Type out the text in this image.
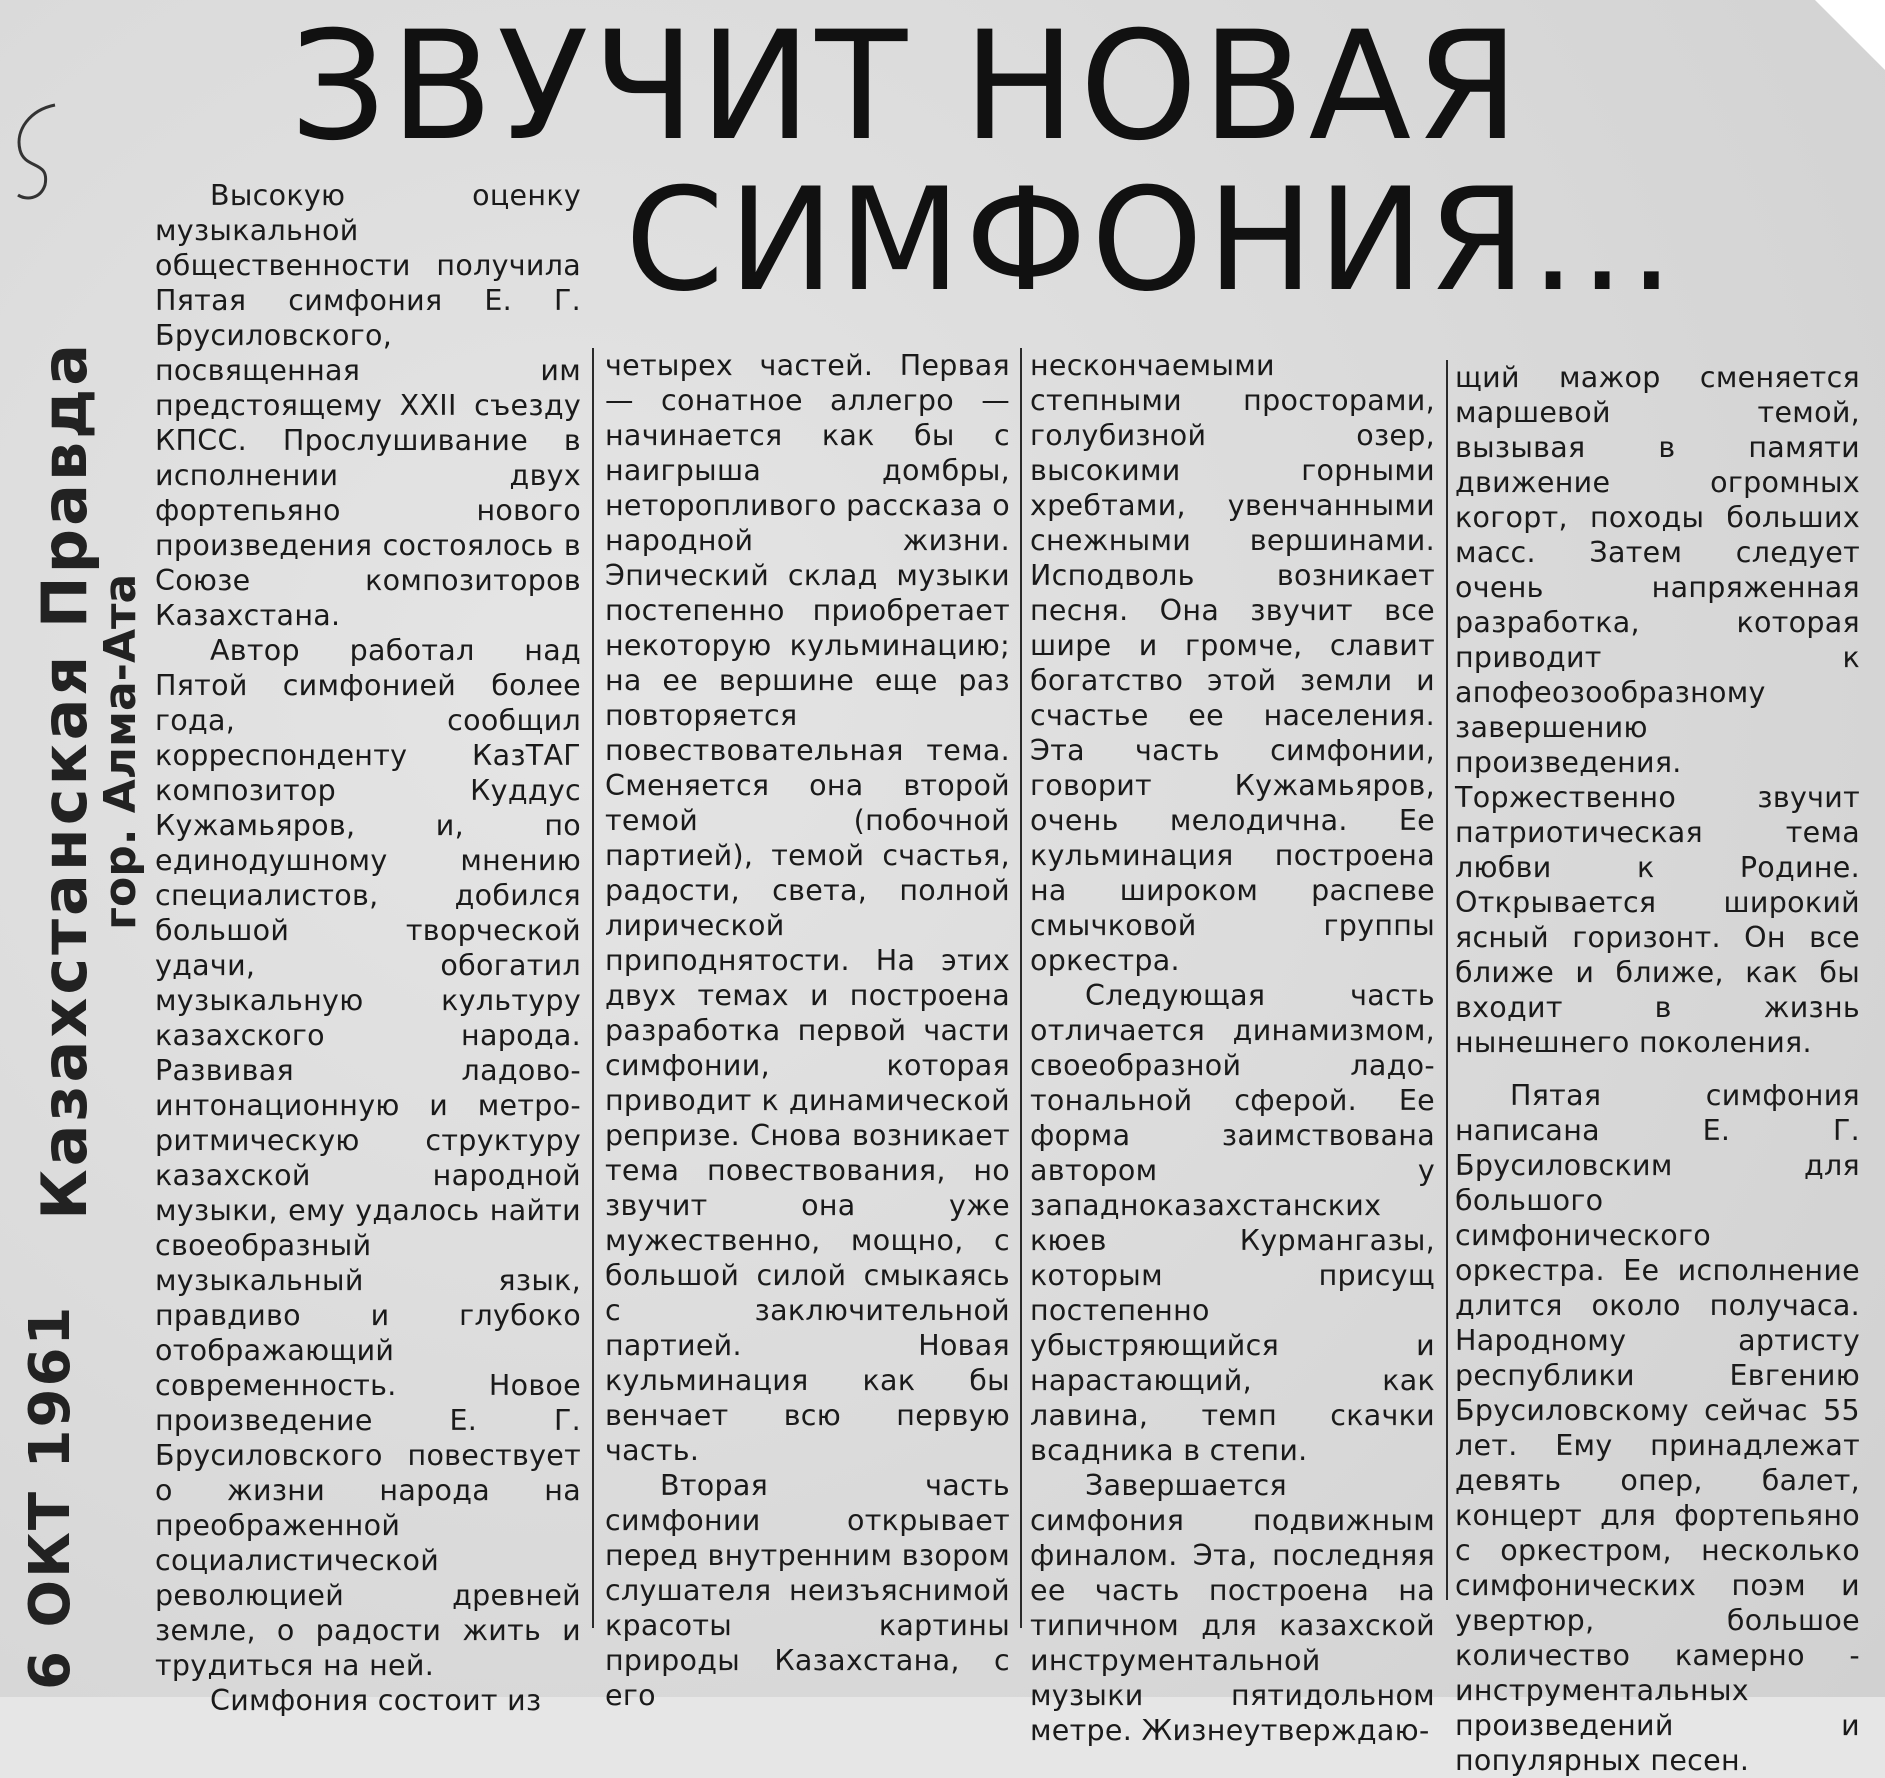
ЗВУЧИТ НОВАЯ
СИМФОНИЯ...

Высокую оценку музыкальной общественности получила Пятая симфония Е. Г. Брусиловского, посвященная им предстоящему XXII съезду КПСС. Прослушивание в исполнении двух фортепьяно нового произведения состоялось в Союзе композиторов Казахстана.

Автор работал над Пятой симфонией более года, сообщил корреспонденту КазТАГ композитор Куддус Кужамьяров, и, по единодушному мнению специалистов, добился большой творческой удачи, обогатил музыкальную культуру казахского народа. Развивая ладово-интонационную и метро-ритмическую структуру казахской народной музыки, ему удалось найти своеобразный музыкальный язык, правдиво и глубоко отображающий современность. Новое произведение Е. Г. Брусиловского повествует о жизни народа на преображенной социалистической революцией древней земле, о радости жить и трудиться на ней.

Симфония состоит из

четырех частей. Первая — сонатное аллегро — начинается как бы с наигрыша домбры, неторопливого рассказа о народной жизни. Эпический склад музыки постепенно приобретает некоторую кульминацию; на ее вершине еще раз повторяется повествовательная тема. Сменяется она второй темой (побочной партией), темой счастья, радости, света, полной лирической приподнятости. На этих двух темах и построена разработка первой части симфонии, которая приводит к динамической репризе. Снова возникает тема повествования, но звучит она уже мужественно, мощно, с большой силой смыкаясь с заключительной партией. Новая кульминация как бы венчает всю первую часть.

Вторая часть симфонии открывает перед внутренним взором слушателя неизъяснимой красоты картины природы Казахстана, с его

нескончаемыми степными просторами, голубизной озер, высокими горными хребтами, увенчанными снежными вершинами. Исподволь возникает песня. Она звучит все шире и громче, славит богатство этой земли и счастье ее населения. Эта часть симфонии, говорит Кужамьяров, очень мелодична. Ее кульминация построена на широком распеве смычковой группы оркестра.

Следующая часть отличается динамизмом, своеобразной ладо-тональной сферой. Ее форма заимствована автором у западноказахстанских кюев Курмангазы, которым присущ постепенно убыстряющийся и нарастающий, как лавина, темп скачки всадника в степи.

Завершается симфония подвижным финалом. Эта, последняя ее часть построена на типичном для казахской инструментальной музыки пятидольном метре. Жизнеутверждаю-

щий мажор сменяется маршевой темой, вызывая в памяти движение огромных когорт, походы больших масс. Затем следует очень напряженная разработка, которая приводит к апофеозообразному завершению произведения. Торжественно звучит патриотическая тема любви к Родине. Открывается широкий ясный горизонт. Он все ближе и ближе, как бы входит в жизнь нынешнего поколения.

Пятая симфония написана Е. Г. Брусиловским для большого симфонического оркестра. Ее исполнение длится около получаса. Народному артисту республики Евгению Брусиловскому сейчас 55 лет. Ему принадлежат девять опер, балет, концерт для фортепьяно с оркестром, несколько симфонических поэм и увертюр, большое количество камерно - инструментальных произведений и популярных песен.

Казахстанская Правда
гор. Алма-Ата
6 ОКТ 1961
